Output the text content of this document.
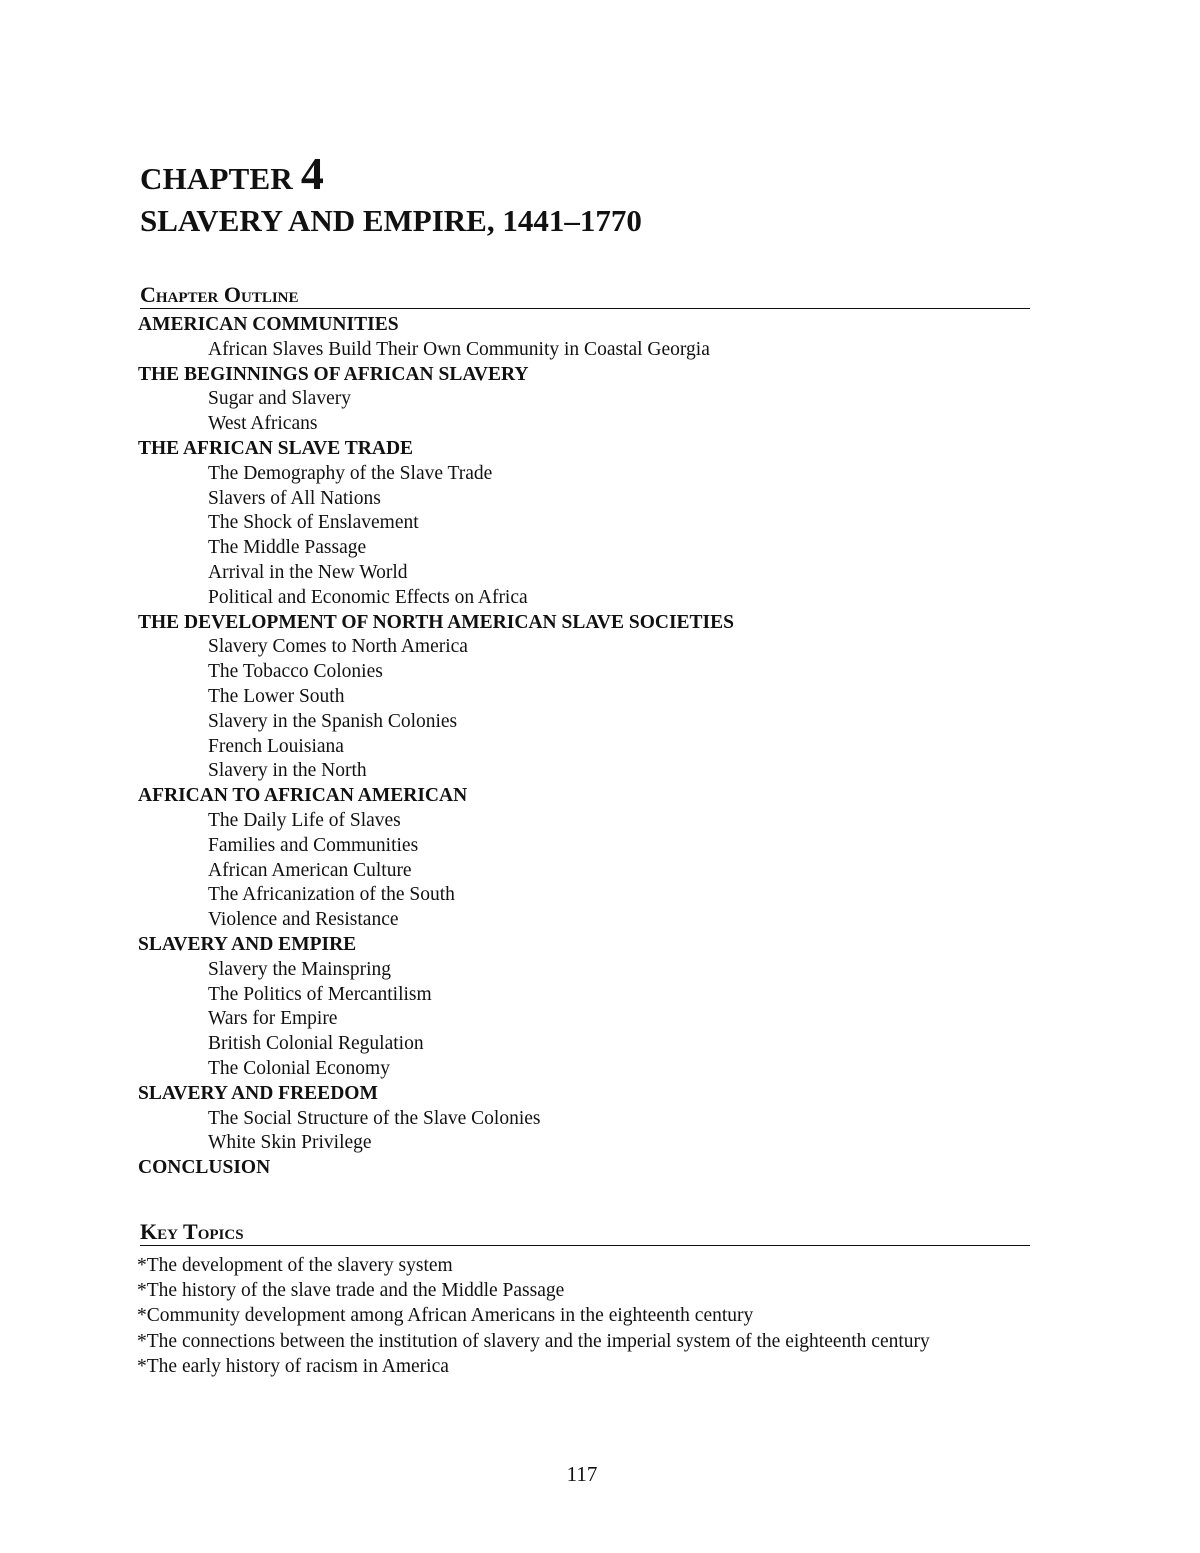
CHAPTER 4
SLAVERY AND EMPIRE, 1441–1770
Chapter Outline
AMERICAN COMMUNITIES
African Slaves Build Their Own Community in Coastal Georgia
THE BEGINNINGS OF AFRICAN SLAVERY
Sugar and Slavery
West Africans
THE AFRICAN SLAVE TRADE
The Demography of the Slave Trade
Slavers of All Nations
The Shock of Enslavement
The Middle Passage
Arrival in the New World
Political and Economic Effects on Africa
THE DEVELOPMENT OF NORTH AMERICAN SLAVE SOCIETIES
Slavery Comes to North America
The Tobacco Colonies
The Lower South
Slavery in the Spanish Colonies
French Louisiana
Slavery in the North
AFRICAN TO AFRICAN AMERICAN
The Daily Life of Slaves
Families and Communities
African American Culture
The Africanization of the South
Violence and Resistance
SLAVERY AND EMPIRE
Slavery the Mainspring
The Politics of Mercantilism
Wars for Empire
British Colonial Regulation
The Colonial Economy
SLAVERY AND FREEDOM
The Social Structure of the Slave Colonies
White Skin Privilege
CONCLUSION
Key Topics
*The development of the slavery system
*The history of the slave trade and the Middle Passage
*Community development among African Americans in the eighteenth century
*The connections between the institution of slavery and the imperial system of the eighteenth century
*The early history of racism in America
117
